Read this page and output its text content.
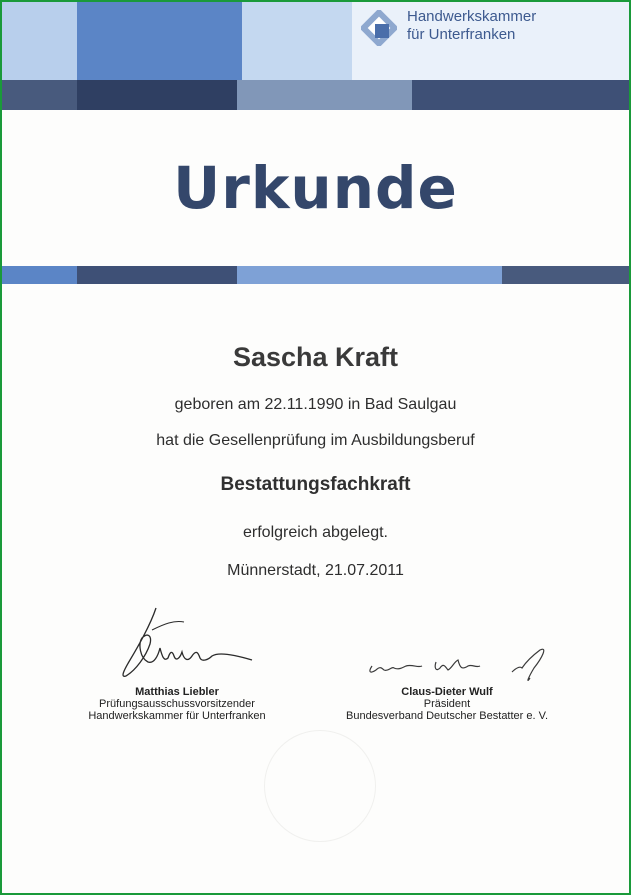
Handwerkskammer
für Unterfranken
Urkunde
Sascha Kraft
geboren am 22.11.1990 in Bad Saulgau
hat die Gesellenprüfung im Ausbildungsberuf
Bestattungsfachkraft
erfolgreich abgelegt.
Münnerstadt, 21.07.2011
Matthias Liebler
Prüfungsausschussvorsitzender
Handwerkskammer für Unterfranken
Claus-Dieter Wulf
Präsident
Bundesverband Deutscher Bestatter e. V.
